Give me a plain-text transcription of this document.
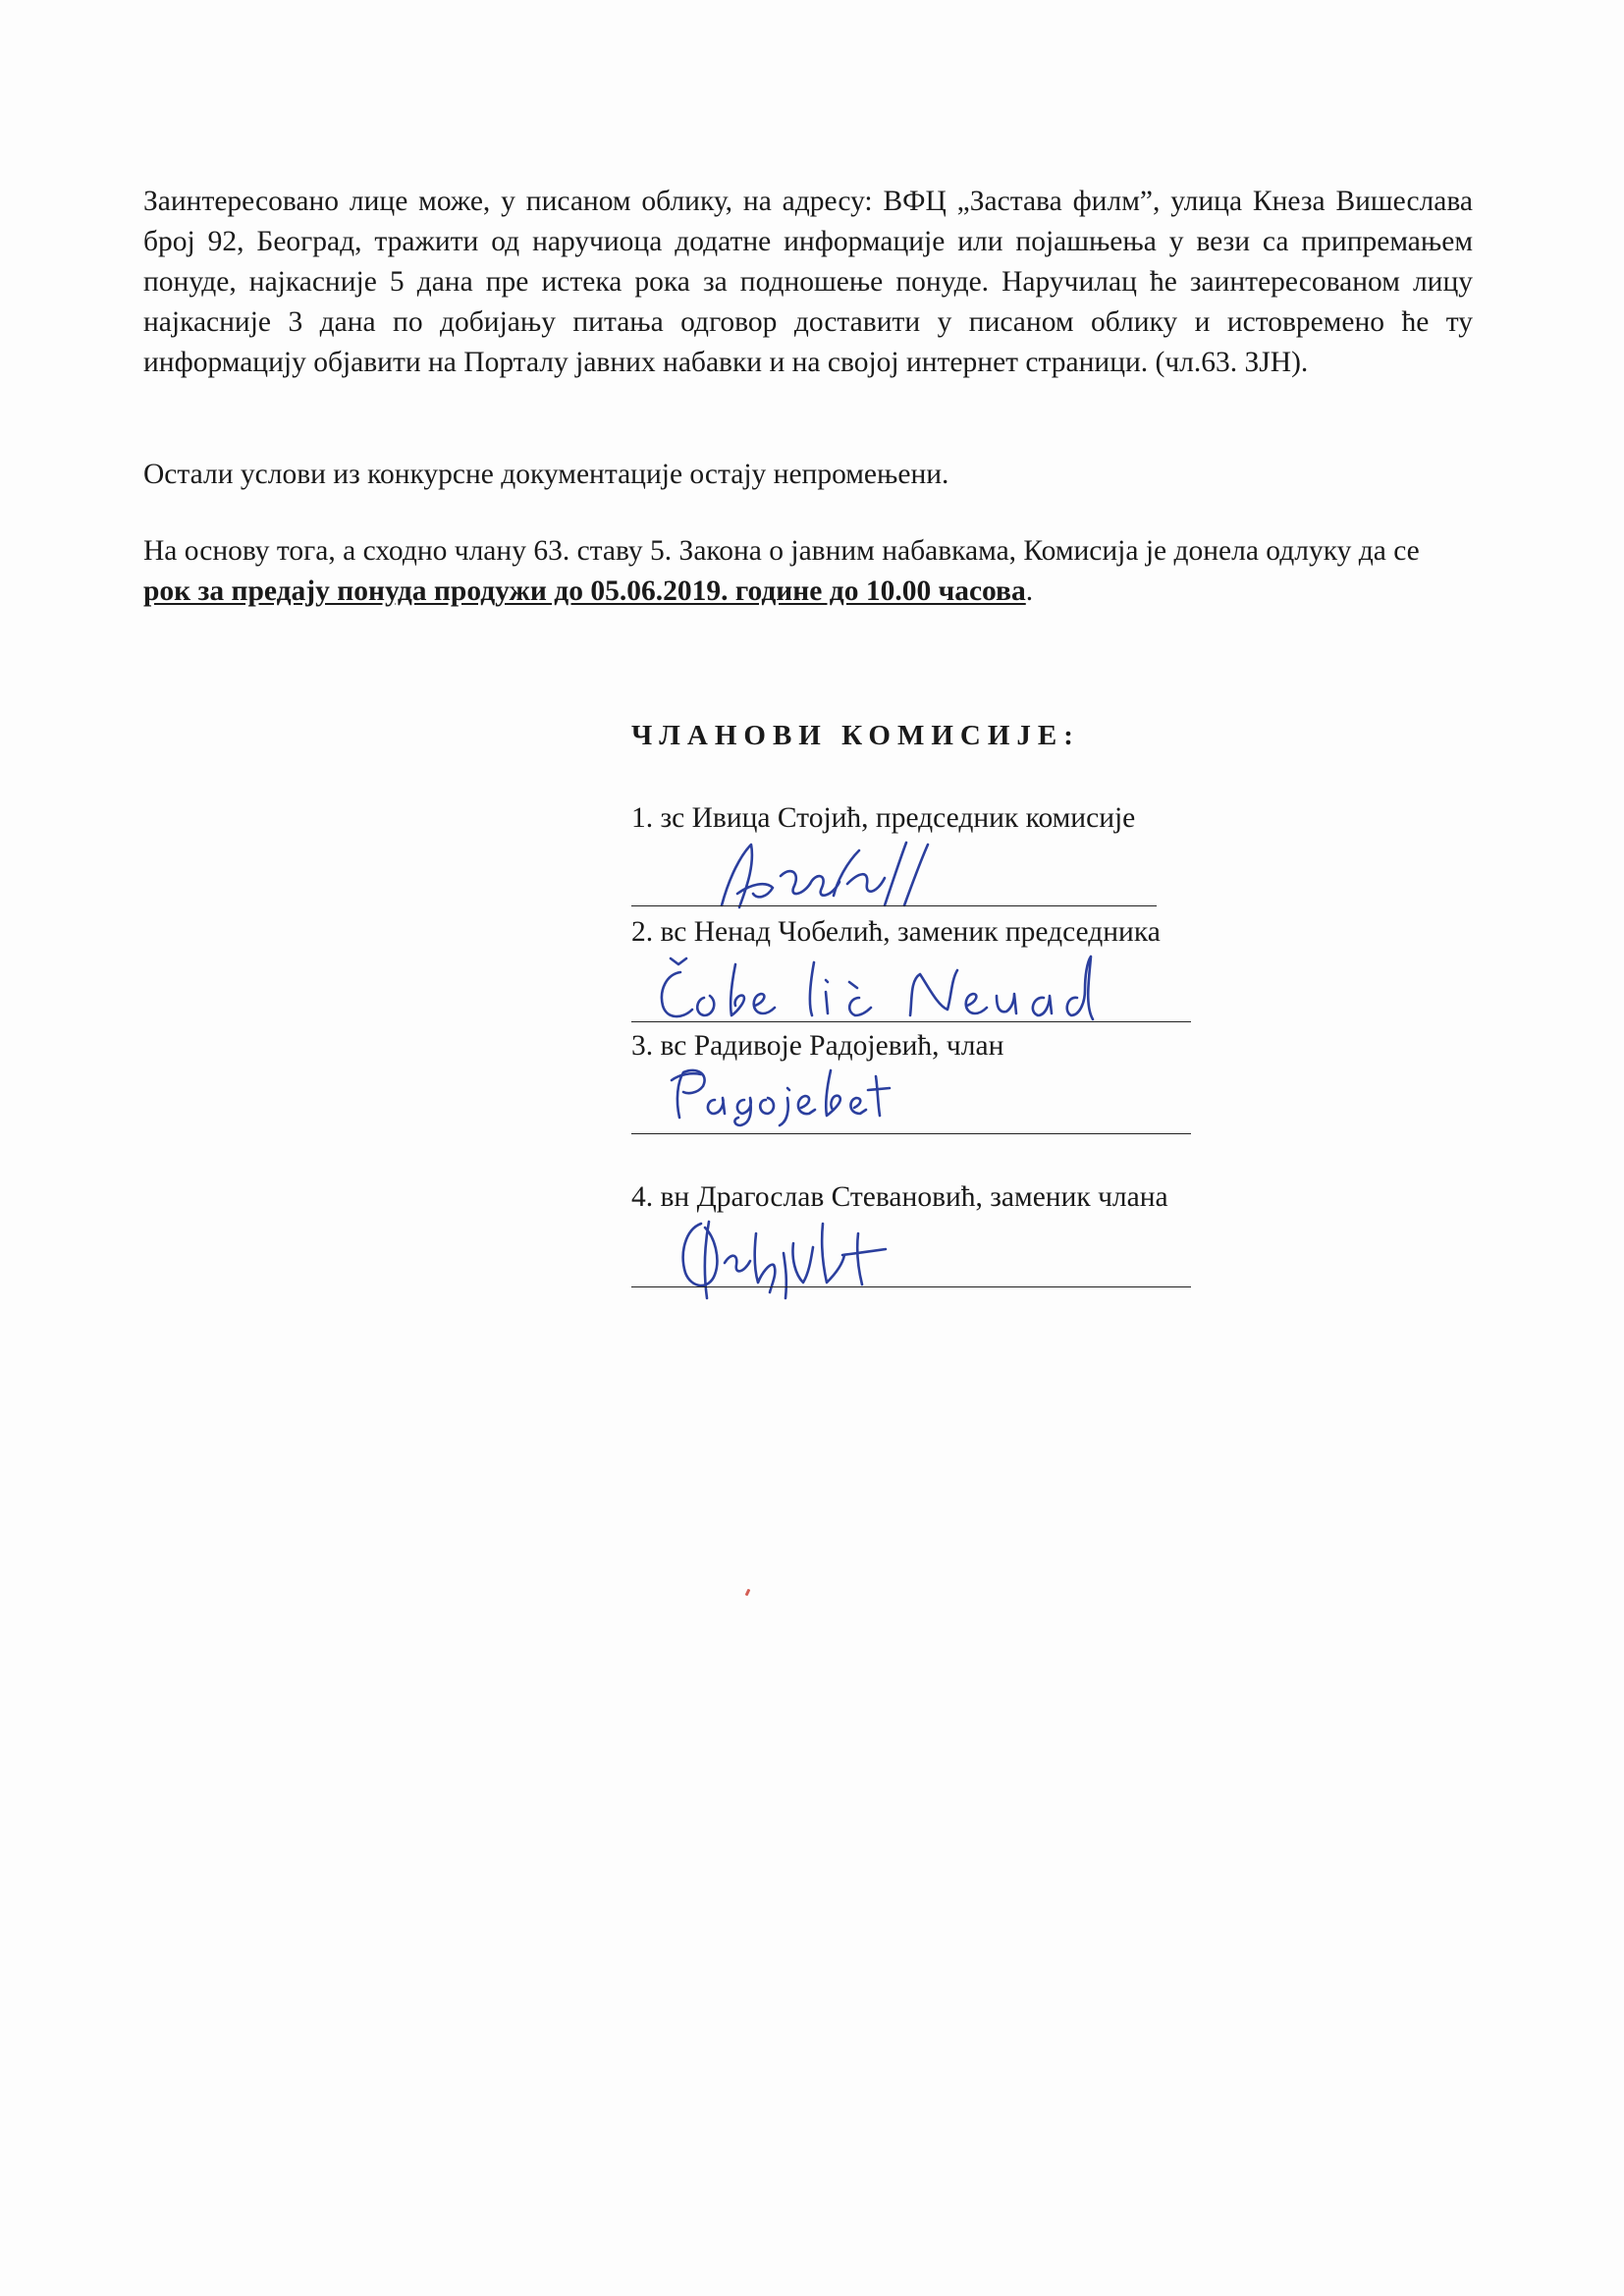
Заинтересовано лице може, у писаном облику, на адресу: ВФЦ „Застава филм”, улица Кнеза Вишеслава број 92, Београд, тражити од наручиоца додатне информације или појашњења у вези са припремањем понуде, најкасније 5 дана пре истека рока за подношење понуде. Наручилац ће заинтересованом лицу најкасније 3 дана по добијању питања одговор доставити у писаном облику и истовремено ће ту информацију објавити на Порталу јавних набавки и на својој интернет страници. (чл.63. ЗЈН).

Остали услови из конкурсне документације остају непромењени.

На основу тога, а сходно члану 63. ставу 5. Закона о јавним набавкама, Комисија је донела одлуку да се рок за предају понуда продужи до 05.06.2019. године до 10.00 часова.

ЧЛАНОВИ КОМИСИЈЕ:
1. зс Ивица Стојић, председник комисије
2. вс Ненад Чобелић, заменик председника
3. вс Радивоје Радојевић, члан
4. вн Драгослав Стевановић, заменик члана
